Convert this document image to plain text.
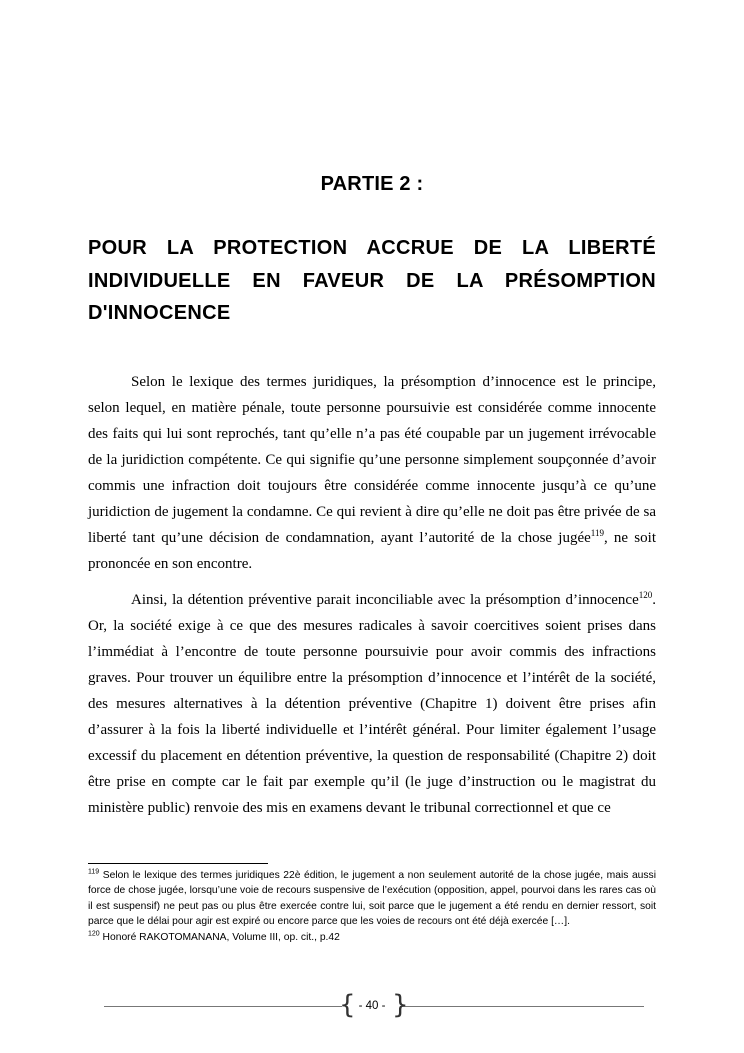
PARTIE 2 :
POUR LA PROTECTION ACCRUE DE LA LIBERTÉ INDIVIDUELLE EN FAVEUR DE LA PRÉSOMPTION D'INNOCENCE

Selon le lexique des termes juridiques, la présomption d’innocence est le principe, selon lequel, en matière pénale, toute personne poursuivie est considérée comme innocente des faits qui lui sont reprochés, tant qu’elle n’a pas été coupable par un jugement irrévocable de la juridiction compétente. Ce qui signifie qu’une personne simplement soupçonnée d’avoir commis une infraction doit toujours être considérée comme innocente jusqu’à ce qu’une juridiction de jugement la condamne. Ce qui revient à dire qu’elle ne doit pas être privée de sa liberté tant qu’une décision de condamnation, ayant l’autorité de la chose jugée$^{119}$, ne soit prononcée en son encontre.

Ainsi, la détention préventive parait inconciliable avec la présomption d’innocence$^{120}$. Or, la société exige à ce que des mesures radicales à savoir coercitives soient prises dans l’immédiat à l’encontre de toute personne poursuivie pour avoir commis des infractions graves. Pour trouver un équilibre entre la présomption d’innocence et l’intérêt de la société, des mesures alternatives à la détention préventive (Chapitre 1) doivent être prises afin d’assurer à la fois la liberté individuelle et l’intérêt général. Pour limiter également l’usage excessif du placement en détention préventive, la question de responsabilité (Chapitre 2) doit être prise en compte car le fait par exemple qu’il (le juge d’instruction ou le magistrat du ministère public) renvoie des mis en examens devant le tribunal correctionnel et que ce

$^{119}$ Selon le lexique des termes juridiques 22è édition, le jugement a non seulement autorité de la chose jugée, mais aussi force de chose jugée, lorsqu’une voie de recours suspensive de l’exécution (opposition, appel, pourvoi dans les rares cas où il est suspensif) ne peut pas ou plus être exercée contre lui, soit parce que le jugement a été rendu en dernier ressort, soit parce que le délai pour agir est expiré ou encore parce que les voies de recours ont été déjà exercée […].

$^{120}$ Honoré RAKOTOMANANA, Volume III, op. cit., p.42

{ }
- 40 -
